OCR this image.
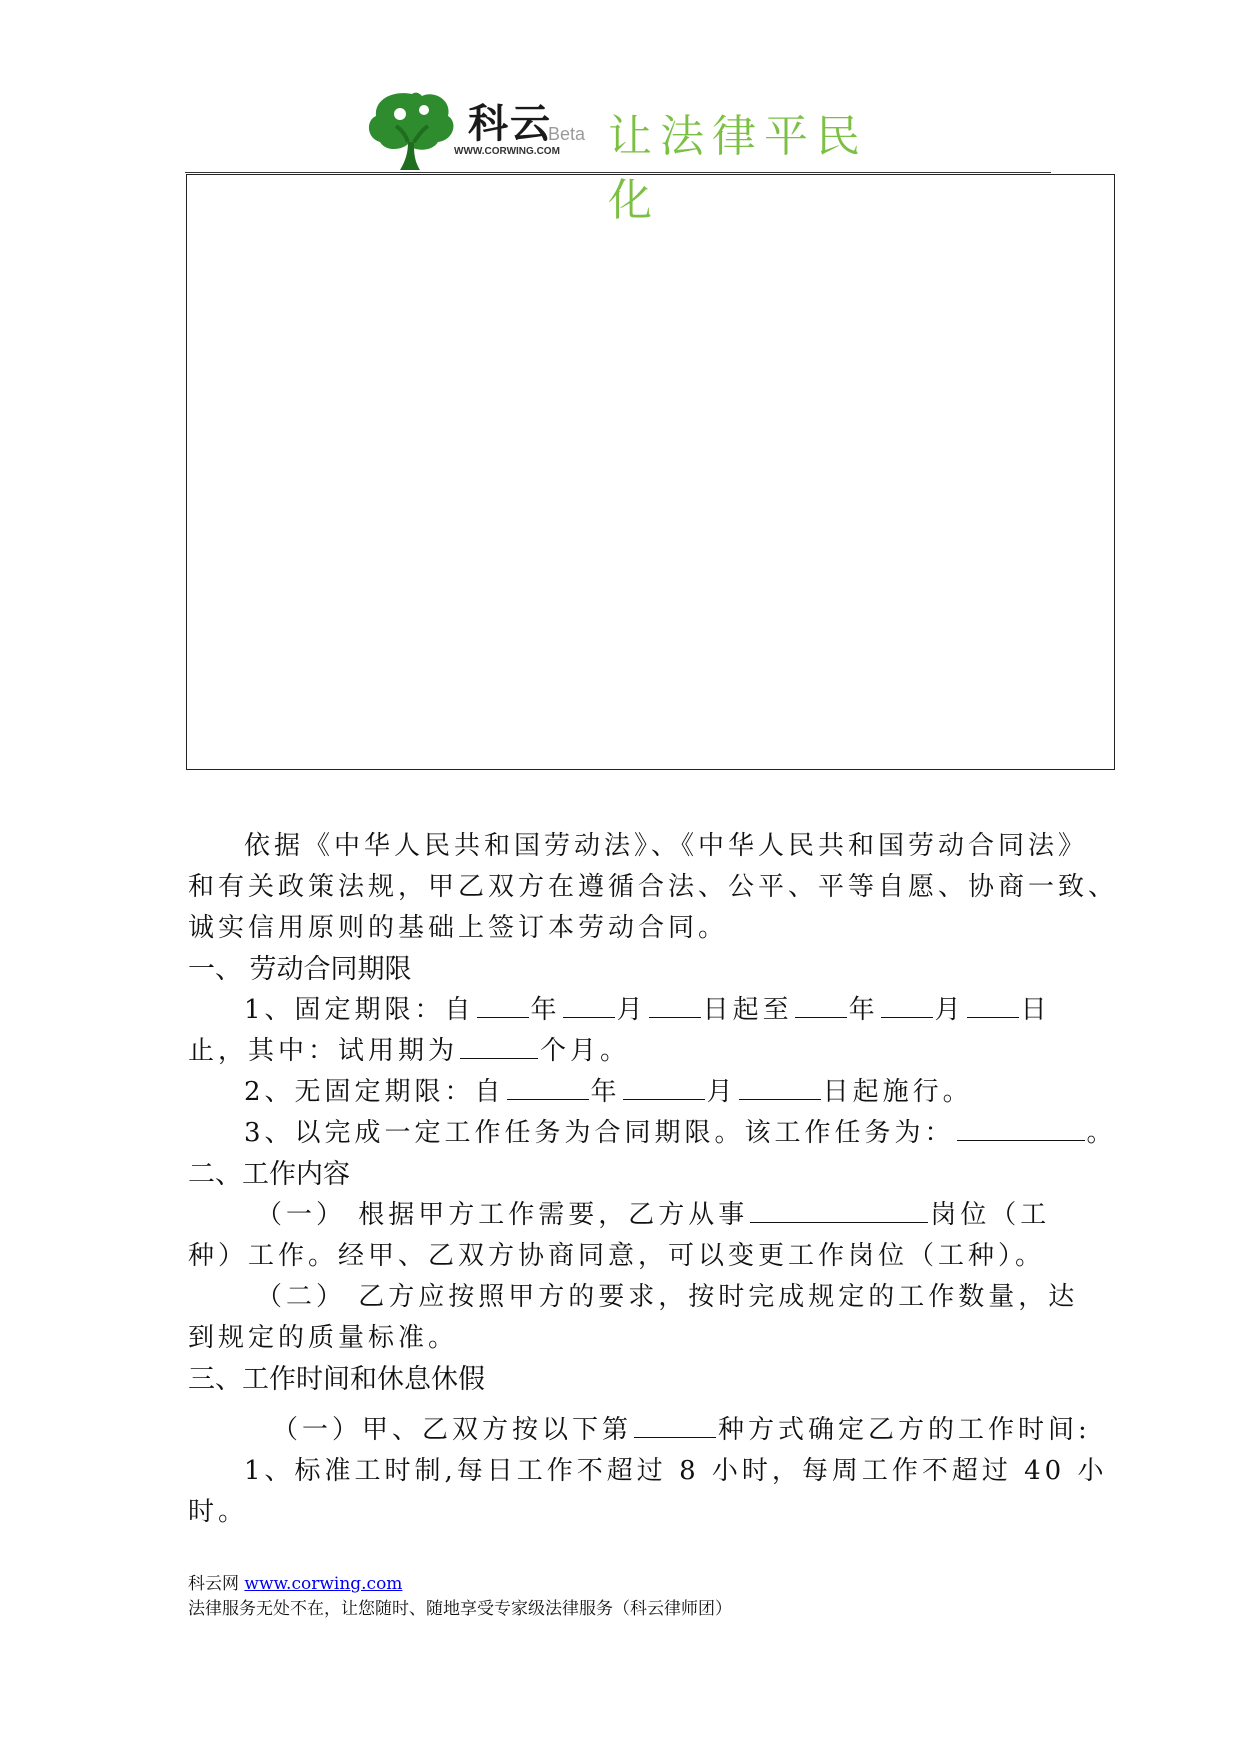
科云
Beta
WWW.CORWING.COM 让法律平民化

依据《中华人民共和国劳动法》、《中华人民共和国劳动合同法》

和有关政策法规，甲乙双方在遵循合法、公平、平等自愿、协商一致、

诚实信用原则的基础上签订本劳动合同。

一、 劳动合同期限

1、固定期限：自 年 月 日起至 年 月 日

止，其中：试用期为	个月。

2、无固定期限：自	年	月	日起施行。

3、以完成一定工作任务为合同期限。该工作任务为：	。

二、工作内容

（一） 根据甲方工作需要，乙方从事	岗位（工

种）工作。经甲、乙双方协商同意，可以变更工作岗位（工种）。

（二） 乙方应按照甲方的要求，按时完成规定的工作数量，达

到规定的质量标准。

三、工作时间和休息休假

（一）甲、乙双方按以下第	种方式确定乙方的工作时间:

1、标准工时制,每日工作不超过 8 小时，每周工作不超过 40 小

时。

科云网 www.corwing.com
法律服务无处不在，让您随时、随地享受专家级法律服务（科云律师团）
